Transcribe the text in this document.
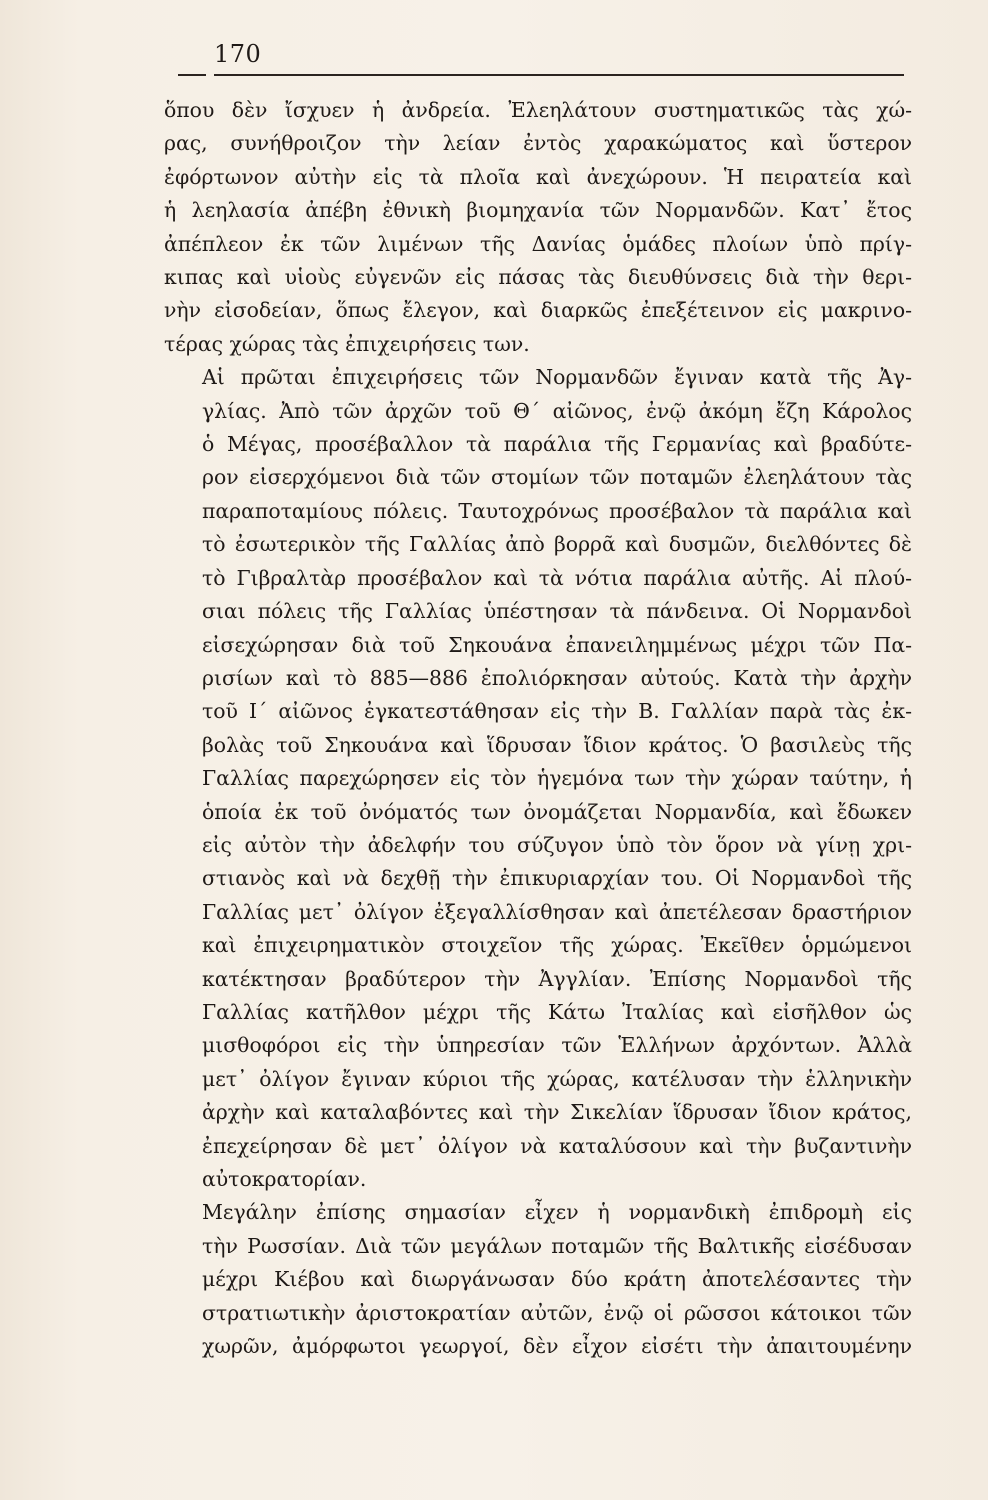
170

ὅπου δὲν ἴσχυεν ἡ ἀνδρεία. Ἐλεηλάτουν συστηματικῶς τὰς χώ-
ρας, συνήθροιζον τὴν λείαν ἐντὸς χαρακώματος καὶ ὕστερον
ἐφόρτωνον αὐτὴν εἰς τὰ πλοῖα καὶ ἀνεχώρουν. Ἡ πειρατεία καὶ
ἡ λεηλασία ἀπέβη ἐθνικὴ βιομηχανία τῶν Νορμανδῶν. Κατ᾽ ἔτος
ἀπέπλεον ἐκ τῶν λιμένων τῆς Δανίας ὁμάδες πλοίων ὑπὸ πρίγ-
κιπας καὶ υἱοὺς εὐγενῶν εἰς πάσας τὰς διευθύνσεις διὰ τὴν θερι-
νὴν εἰσοδείαν, ὅπως ἔλεγον, καὶ διαρκῶς ἐπεξέτεινον εἰς μακρινο-
τέρας χώρας τὰς ἐπιχειρήσεις των.

Αἱ πρῶται ἐπιχειρήσεις τῶν Νορμανδῶν ἔγιναν κατὰ τῆς Ἀγ-
γλίας. Ἀπὸ τῶν ἀρχῶν τοῦ Θ΄ αἰῶνος, ἐνῷ ἀκόμη ἔζη Κάρολος
ὁ Μέγας, προσέβαλλον τὰ παράλια τῆς Γερμανίας καὶ βραδύτε-
ρον εἰσερχόμενοι διὰ τῶν στομίων τῶν ποταμῶν ἐλεηλάτουν τὰς
παραποταμίους πόλεις. Ταυτοχρόνως προσέβαλον τὰ παράλια καὶ
τὸ ἐσωτερικὸν τῆς Γαλλίας ἀπὸ βορρᾶ καὶ δυσμῶν, διελθόντες δὲ
τὸ Γιβραλτὰρ προσέβαλον καὶ τὰ νότια παράλια αὐτῆς. Αἱ πλού-
σιαι πόλεις τῆς Γαλλίας ὑπέστησαν τὰ πάνδεινα. Οἱ Νορμανδοὶ
εἰσεχώρησαν διὰ τοῦ Σηκουάνα ἐπανειλημμένως μέχρι τῶν Πα-
ρισίων καὶ τὸ 885—886 ἐπολιόρκησαν αὐτούς. Κατὰ τὴν ἀρχὴν
τοῦ Ι΄ αἰῶνος ἐγκατεστάθησαν εἰς τὴν Β. Γαλλίαν παρὰ τὰς ἐκ-
βολὰς τοῦ Σηκουάνα καὶ ἵδρυσαν ἴδιον κράτος. Ὁ βασιλεὺς τῆς
Γαλλίας παρεχώρησεν εἰς τὸν ἡγεμόνα των τὴν χώραν ταύτην, ἡ
ὁποία ἐκ τοῦ ὀνόματός των ὀνομάζεται Νορμανδία, καὶ ἔδωκεν
εἰς αὐτὸν τὴν ἀδελφήν του σύζυγον ὑπὸ τὸν ὅρον νὰ γίνῃ χρι-
στιανὸς καὶ νὰ δεχθῇ τὴν ἐπικυριαρχίαν του. Οἱ Νορμανδοὶ τῆς
Γαλλίας μετ᾽ ὀλίγον ἐξεγαλλίσθησαν καὶ ἀπετέλεσαν δραστήριον
καὶ ἐπιχειρηματικὸν στοιχεῖον τῆς χώρας. Ἐκεῖθεν ὁρμώμενοι
κατέκτησαν βραδύτερον τὴν Ἀγγλίαν. Ἐπίσης Νορμανδοὶ τῆς
Γαλλίας κατῆλθον μέχρι τῆς Κάτω Ἰταλίας καὶ εἰσῆλθον ὡς
μισθοφόροι εἰς τὴν ὑπηρεσίαν τῶν Ἑλλήνων ἀρχόντων. Ἀλλὰ
μετ᾽ ὀλίγον ἔγιναν κύριοι τῆς χώρας, κατέλυσαν τὴν ἑλληνικὴν
ἀρχὴν καὶ καταλαβόντες καὶ τὴν Σικελίαν ἵδρυσαν ἴδιον κράτος,
ἐπεχείρησαν δὲ μετ᾽ ὀλίγον νὰ καταλύσουν καὶ τὴν βυζαντινὴν
αὐτοκρατορίαν.

Μεγάλην ἐπίσης σημασίαν εἶχεν ἡ νορμανδικὴ ἐπιδρομὴ εἰς
τὴν Ρωσσίαν. Διὰ τῶν μεγάλων ποταμῶν τῆς Βαλτικῆς εἰσέδυσαν
μέχρι Κιέβου καὶ διωργάνωσαν δύο κράτη ἀποτελέσαντες τὴν
στρατιωτικὴν ἀριστοκρατίαν αὐτῶν, ἐνῷ οἱ ρῶσσοι κάτοικοι τῶν
χωρῶν, ἀμόρφωτοι γεωργοί, δὲν εἶχον εἰσέτι τὴν ἀπαιτουμένην
